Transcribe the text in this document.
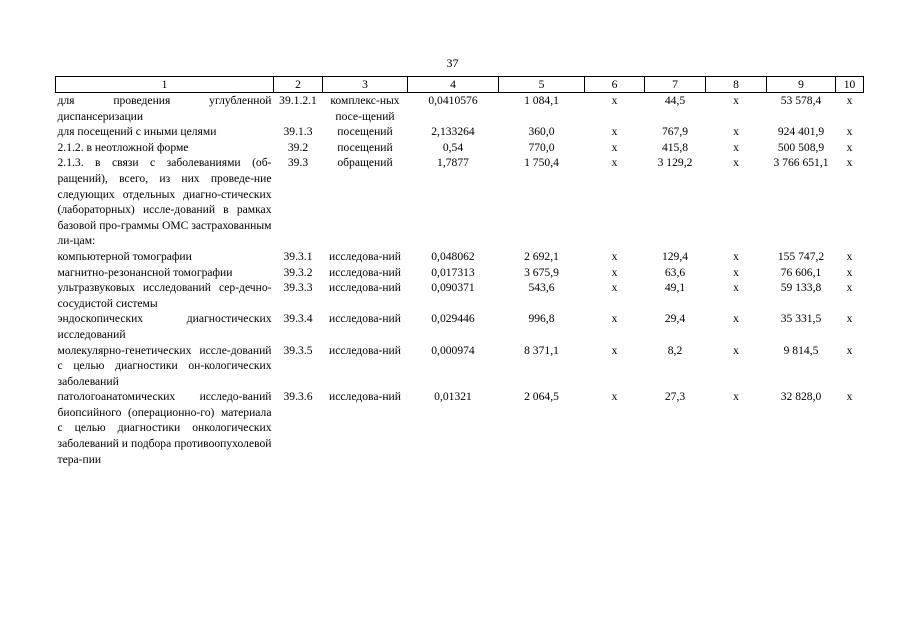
37
1	2	3	4	5	6	7	8	9	10
для проведения углубленной диспансеризации	39.1.2.1	комплекс-ных посе-щений	0,0410576	1 084,1	х	44,5	х	53 578,4	х
для посещений с иными целями	39.1.3	посещений	2,133264	360,0	х	767,9	х	924 401,9	х
2.1.2. в неотложной форме	39.2	посещений	0,54	770,0	х	415,8	х	500 508,9	х
2.1.3. в связи с заболеваниями (об-ращений), всего, из них проведе-ние следующих отдельных диагно-стических (лабораторных) иссле-дований в рамках базовой про-граммы ОМС застрахованным ли-цам:	39.3	обращений	1,7877	1 750,4	х	3 129,2	х	3 766 651,1	х
компьютерной томографии	39.3.1	исследова-ний	0,048062	2 692,1	х	129,4	х	155 747,2	х
магнитно-резонансной томографии	39.3.2	исследова-ний	0,017313	3 675,9	х	63,6	х	76 606,1	х
ультразвуковых исследований сер-дечно-сосудистой системы	39.3.3	исследова-ний	0,090371	543,6	х	49,1	х	59 133,8	х
эндоскопических диагностических исследований	39.3.4	исследова-ний	0,029446	996,8	х	29,4	х	35 331,5	х
молекулярно-генетических иссле-дований с целью диагностики он-кологических заболеваний	39.3.5	исследова-ний	0,000974	8 371,1	х	8,2	х	9 814,5	х
патологоанатомических исследо-ваний биопсийного (операционно-го) материала с целью диагностики онкологических заболеваний и подбора противоопухолевой тера-пии	39.3.6	исследова-ний	0,01321	2 064,5	х	27,3	х	32 828,0	х
